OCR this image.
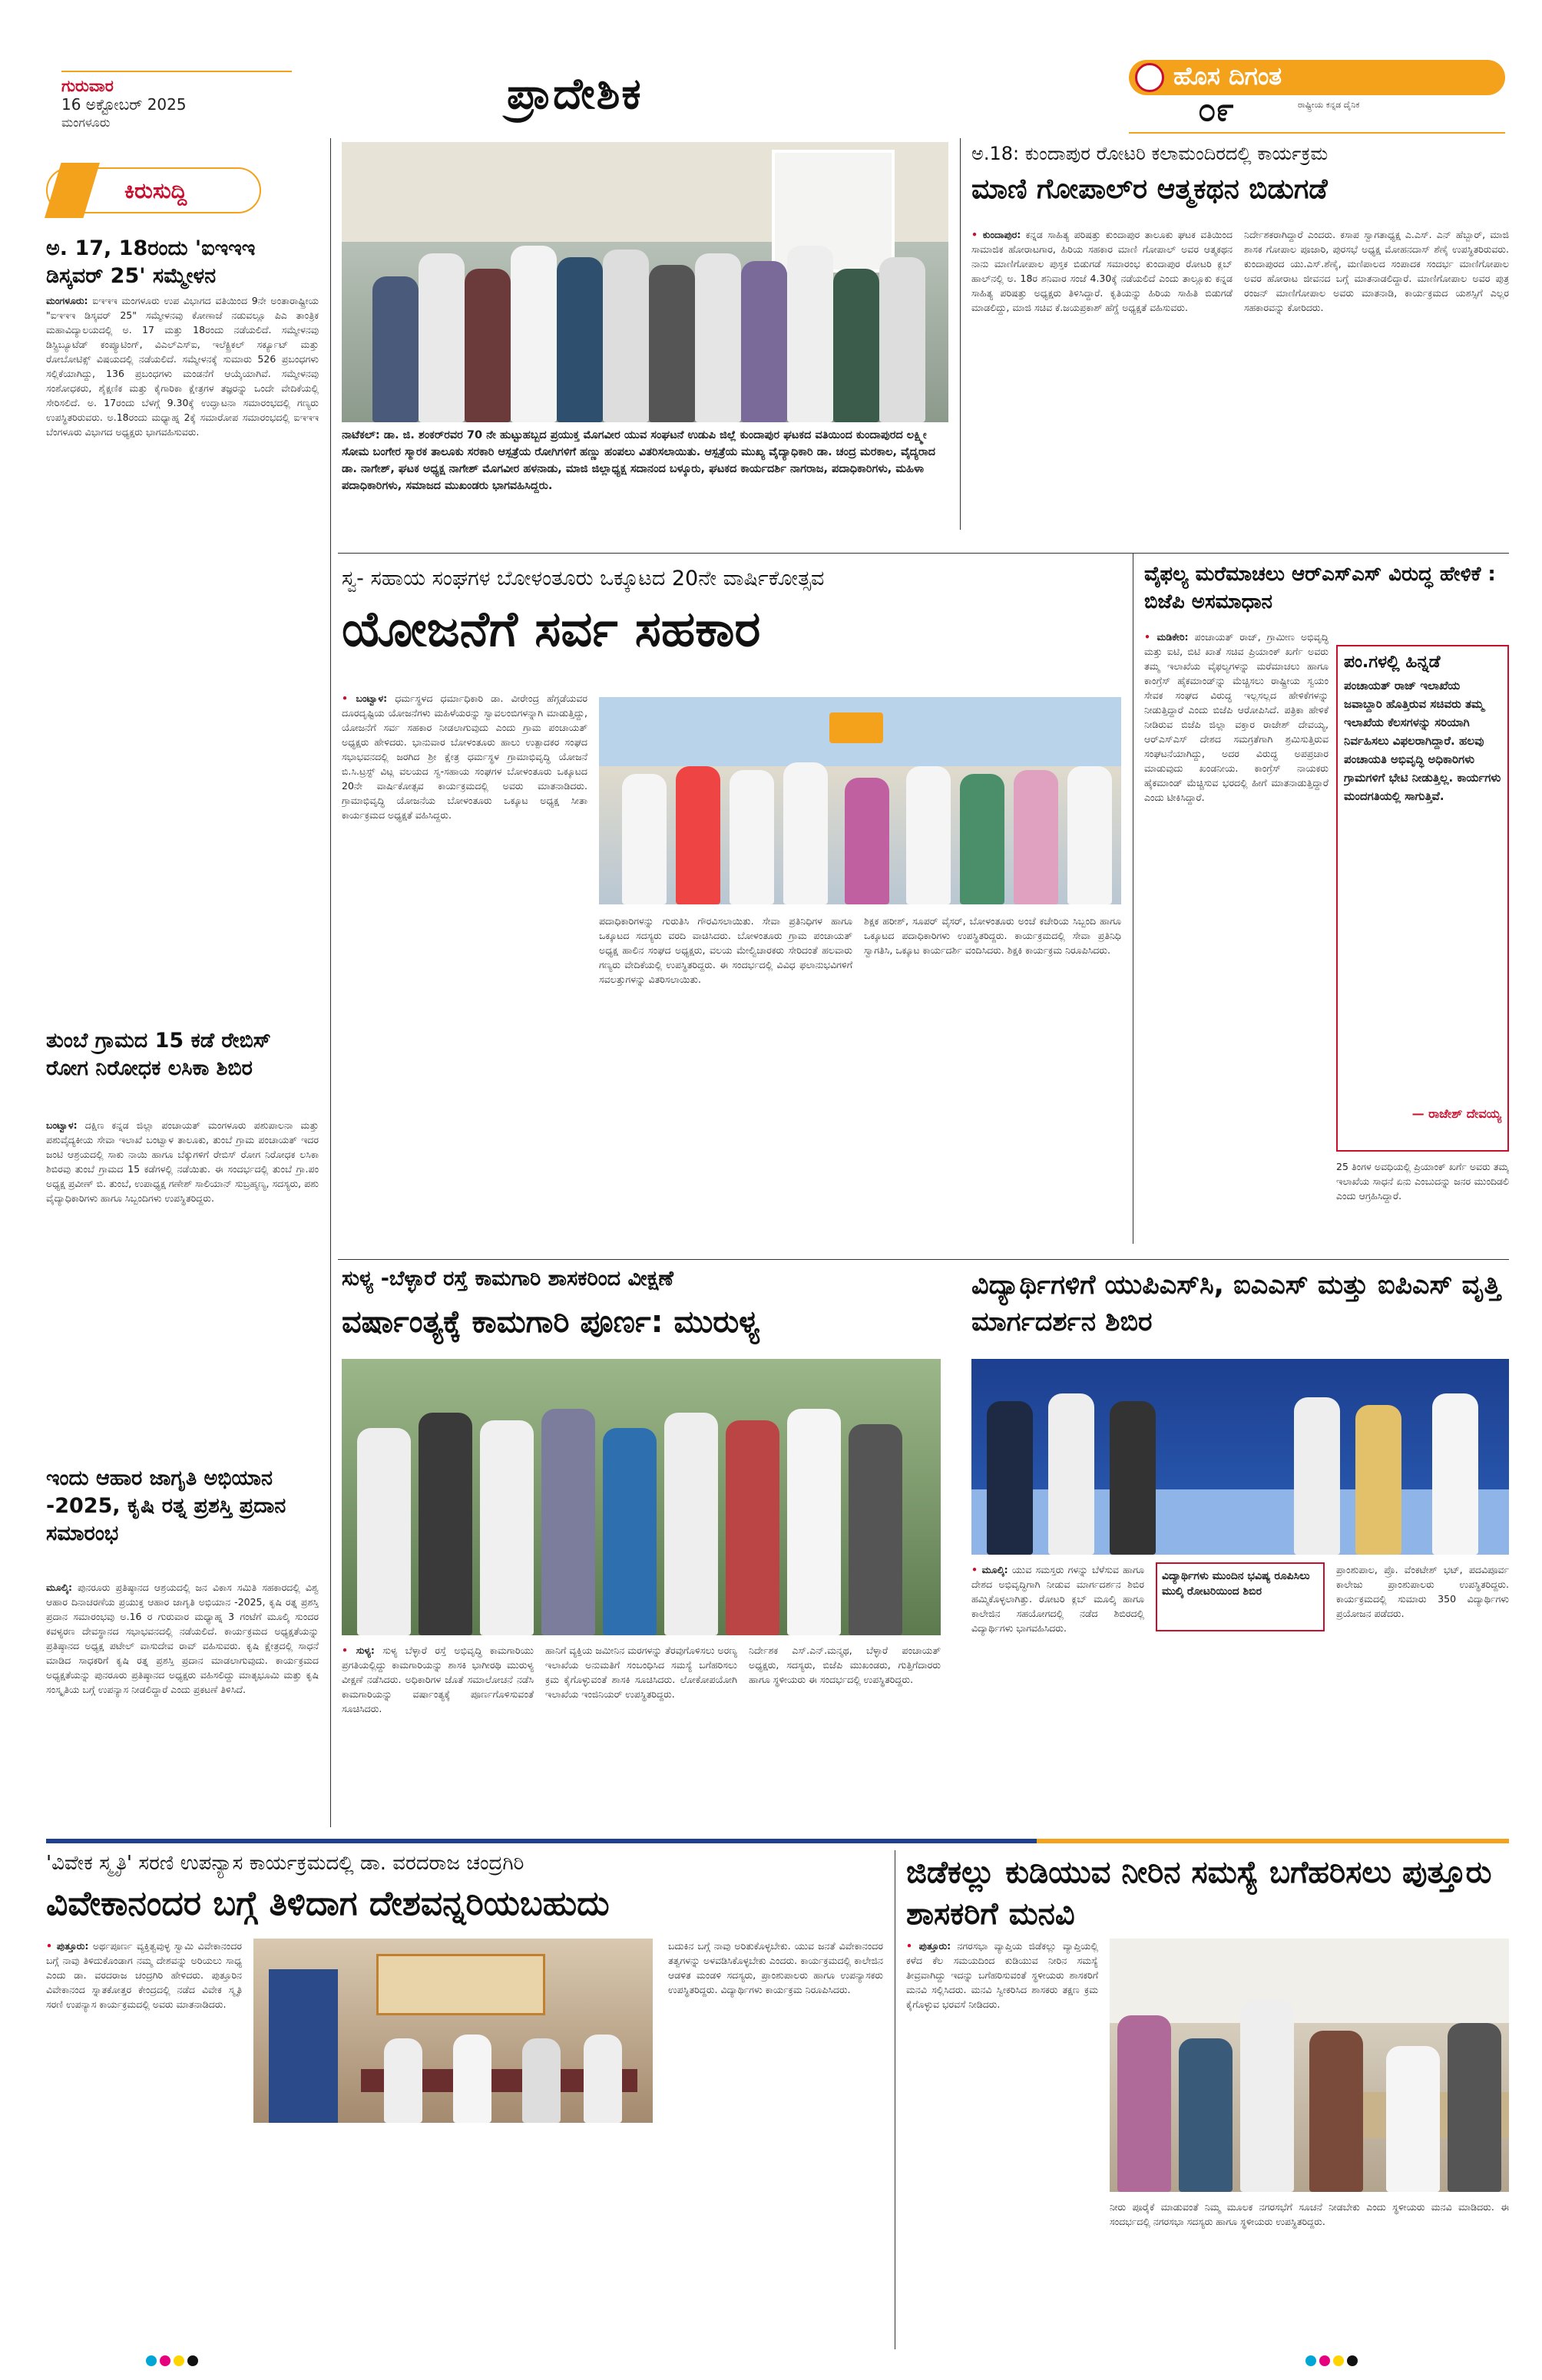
ಗುರುವಾರ
16 ಅಕ್ಟೋಬರ್ 2025
ಮಂಗಳೂರು
ಪ್ರಾದೇಶಿಕ	ಹೊಸ ದಿಗಂತ
ರಾಷ್ಟ್ರೀಯ ಕನ್ನಡ ದೈನಿಕ
೦೯
ಕಿರುಸುದ್ದಿ
ಅ. 17, 18ರಂದು 'ಐಇಇಇ ಡಿಸ್ಕವರ್ 25' ಸಮ್ಮೇಳನ
ಮಂಗಳೂರು: ಐಇಇಇ ಮಂಗಳೂರು ಉಪ ವಿಭಾಗದ ವತಿಯಿಂದ 9ನೇ ಅಂತಾರಾಷ್ಟ್ರೀಯ "ಐಇಇಇ ಡಿಸ್ಕವರ್ 25" ಸಮ್ಮೇಳನವು ಕೋಣಾಜೆ ನಡುವಲ್ಲೂ ಪಿಎ ತಾಂತ್ರಿಕ ಮಹಾವಿದ್ಯಾಲಯದಲ್ಲಿ ಅ. 17 ಮತ್ತು 18ರಂದು ನಡೆಯಲಿದೆ. ಸಮ್ಮೇಳನವು ಡಿಸ್ಟ್ರಿಬ್ಯೂಟೆಡ್ ಕಂಪ್ಯೂಟಿಂಗ್, ವಿಎಲ್ಎಸ್ಐ, ಇಲೆಕ್ಟ್ರಿಕಲ್ ಸರ್ಕ್ಯೂಟ್ ಮತ್ತು ರೋಬೋಟಿಕ್ಸ್ ವಿಷಯದಲ್ಲಿ ನಡೆಯಲಿದೆ. ಸಮ್ಮೇಳನಕ್ಕೆ ಸುಮಾರು 526 ಪ್ರಬಂಧಗಳು ಸಲ್ಲಿಕೆಯಾಗಿದ್ದು, 136 ಪ್ರಬಂಧಗಳು ಮಂಡನೆಗೆ ಆಯ್ಕೆಯಾಗಿವೆ. ಸಮ್ಮೇಳನವು ಸಂಶೋಧಕರು, ಶೈಕ್ಷಣಿಕ ಮತ್ತು ಕೈಗಾರಿಕಾ ಕ್ಷೇತ್ರಗಳ ತಜ್ಞರನ್ನು ಒಂದೇ ವೇದಿಕೆಯಲ್ಲಿ ಸೇರಿಸಲಿದೆ. ಅ. 17ರಂದು ಬೆಳಗ್ಗೆ 9.30ಕ್ಕೆ ಉದ್ಘಾಟನಾ ಸಮಾರಂಭದಲ್ಲಿ ಗಣ್ಯರು ಉಪಸ್ಥಿತರಿರುವರು. ಅ.18ರಂದು ಮಧ್ಯಾಹ್ನ 2ಕ್ಕೆ ಸಮಾರೋಪ ಸಮಾರಂಭದಲ್ಲಿ ಐಇಇಇ ಬೆಂಗಳೂರು ವಿಭಾಗದ ಅಧ್ಯಕ್ಷರು ಭಾಗವಹಿಸುವರು.
ತುಂಬೆ ಗ್ರಾಮದ 15 ಕಡೆ ರೇಬಿಸ್ ರೋಗ ನಿರೋಧಕ ಲಸಿಕಾ ಶಿಬಿರ
ಬಂಟ್ವಾಳ: ದಕ್ಷಿಣ ಕನ್ನಡ ಜಿಲ್ಲಾ ಪಂಚಾಯತ್ ಮಂಗಳೂರು ಪಶುಪಾಲನಾ ಮತ್ತು ಪಶುವೈದ್ಯಕೀಯ ಸೇವಾ ಇಲಾಖೆ ಬಂಟ್ವಾಳ ತಾಲೂಕು, ತುಂಬೆ ಗ್ರಾಮ ಪಂಚಾಯತ್ ಇದರ ಜಂಟಿ ಆಶ್ರಯದಲ್ಲಿ ಸಾಕು ನಾಯಿ ಹಾಗೂ ಬೆಕ್ಕುಗಳಿಗೆ ರೇಬಿಸ್ ರೋಗ ನಿರೋಧಕ ಲಸಿಕಾ ಶಿಬಿರವು ತುಂಬೆ ಗ್ರಾಮದ 15 ಕಡೆಗಳಲ್ಲಿ ನಡೆಯಿತು. ಈ ಸಂದರ್ಭದಲ್ಲಿ ತುಂಬೆ ಗ್ರಾ.ಪಂ ಅಧ್ಯಕ್ಷ ಪ್ರವೀಣ್ ಬಿ. ತುಂಬೆ, ಉಪಾಧ್ಯಕ್ಷ ಗಣೇಶ್ ಸಾಲಿಯಾನ್ ಸುಬ್ರಹ್ಮಣ್ಯ, ಸದಸ್ಯರು, ಪಶು ವೈದ್ಯಾಧಿಕಾರಿಗಳು ಹಾಗೂ ಸಿಬ್ಬಂದಿಗಳು ಉಪಸ್ಥಿತರಿದ್ದರು.
ಇಂದು ಆಹಾರ ಜಾಗೃತಿ ಅಭಿಯಾನ -2025, ಕೃಷಿ ರತ್ನ ಪ್ರಶಸ್ತಿ ಪ್ರದಾನ ಸಮಾರಂಭ
ಮೂಲ್ಕಿ: ಪುನರೂರು ಪ್ರತಿಷ್ಠಾನದ ಆಶ್ರಯದಲ್ಲಿ ಜನ ವಿಕಾಸ ಸಮಿತಿ ಸಹಕಾರದಲ್ಲಿ ವಿಶ್ವ ಆಹಾರ ದಿನಾಚರಣೆಯ ಪ್ರಯುಕ್ತ ಆಹಾರ ಜಾಗೃತಿ ಅಭಿಯಾನ -2025, ಕೃಷಿ ರತ್ನ ಪ್ರಶಸ್ತಿ ಪ್ರದಾನ ಸಮಾರಂಭವು ಅ.16 ರ ಗುರುವಾರ ಮಧ್ಯಾಹ್ನ 3 ಗಂಟೆಗೆ ಮೂಲ್ಕಿ ಸುಂದರ ಕವಳ್ಯರಣ ದೇವಸ್ಥಾನದ ಸಭಾಭವನದಲ್ಲಿ ನಡೆಯಲಿದೆ. ಕಾರ್ಯಕ್ರಮದ ಅಧ್ಯಕ್ಷತೆಯನ್ನು ಪ್ರತಿಷ್ಠಾನದ ಅಧ್ಯಕ್ಷ ಪಟೇಲ್ ವಾಸುದೇವ ರಾವ್ ವಹಿಸುವರು. ಕೃಷಿ ಕ್ಷೇತ್ರದಲ್ಲಿ ಸಾಧನೆ ಮಾಡಿದ ಸಾಧಕರಿಗೆ ಕೃಷಿ ರತ್ನ ಪ್ರಶಸ್ತಿ ಪ್ರದಾನ ಮಾಡಲಾಗುವುದು. ಕಾರ್ಯಕ್ರಮದ ಅಧ್ಯಕ್ಷತೆಯನ್ನು ಪುನರೂರು ಪ್ರತಿಷ್ಠಾನದ ಅಧ್ಯಕ್ಷರು ವಹಿಸಲಿದ್ದು ಮಾತೃಭೂಮಿ ಮತ್ತು ಕೃಷಿ ಸಂಸ್ಕೃತಿಯ ಬಗ್ಗೆ ಉಪನ್ಯಾಸ ನೀಡಲಿದ್ದಾರೆ ಎಂದು ಪ್ರಕಟಣೆ ತಿಳಿಸಿದೆ.
ನಾಟೆಕಲ್: ಡಾ. ಜಿ. ಶಂಕರ್‌ರವರ 70 ನೇ ಹುಟ್ಟುಹಬ್ಬದ ಪ್ರಯುಕ್ತ ಮೊಗವೀರ ಯುವ ಸಂಘಟನೆ ಉಡುಪಿ ಜಿಲ್ಲೆ ಕುಂದಾಪುರ ಘಟಕದ ವತಿಯಿಂದ ಕುಂದಾಪುರದ ಲಕ್ಷ್ಮೀ ಸೋಮ ಬಂಗೇರ ಸ್ಮಾರಕ ತಾಲೂಕು ಸರಕಾರಿ ಆಸ್ಪತ್ರೆಯ ರೋಗಿಗಳಿಗೆ ಹಣ್ಣು ಹಂಪಲು ವಿತರಿಸಲಾಯಿತು. ಆಸ್ಪತ್ರೆಯ ಮುಖ್ಯ ವೈದ್ಯಾಧಿಕಾರಿ ಡಾ. ಚಂದ್ರ ಮರಕಾಲ, ವೈದ್ಯರಾದ ಡಾ. ನಾಗೇಶ್, ಘಟಕ ಅಧ್ಯಕ್ಷ ನಾಗೇಶ್ ಮೊಗವೀರ ಹಳನಾಡು, ಮಾಜಿ ಜಿಲ್ಲಾಧ್ಯಕ್ಷ ಸದಾನಂದ ಬಳ್ಕೂರು, ಘಟಕದ ಕಾರ್ಯದರ್ಶಿ ನಾಗರಾಜ, ಪದಾಧಿಕಾರಿಗಳು, ಮಹಿಳಾ ಪದಾಧಿಕಾರಿಗಳು, ಸಮಾಜದ ಮುಖಂಡರು ಭಾಗವಹಿಸಿದ್ದರು.
ಅ.18: ಕುಂದಾಪುರ ರೋಟರಿ ಕಲಾಮಂದಿರದಲ್ಲಿ ಕಾರ್ಯಕ್ರಮ
ಮಾಣಿ ಗೋಪಾಲ್‌ರ ಆತ್ಮಕಥನ ಬಿಡುಗಡೆ
• ಕುಂದಾಪುರ: ಕನ್ನಡ ಸಾಹಿತ್ಯ ಪರಿಷತ್ತು ಕುಂದಾಪುರ ತಾಲೂಕು ಘಟಕ ವತಿಯಿಂದ ಸಾಮಾಜಿಕ ಹೋರಾಟಗಾರ, ಹಿರಿಯ ಸಹಕಾರ ಮಾಣಿ ಗೋಪಾಲ್ ಅವರ ಆತ್ಮಕಥನ ನಾನು ಮಾಣಿಗೋಪಾಲ ಪುಸ್ತಕ ಬಿಡುಗಡೆ ಸಮಾರಂಭ ಕುಂದಾಪುರ ರೋಟರಿ ಕ್ಲಬ್ ಹಾಲ್‌ನಲ್ಲಿ ಅ. 18ರ ಶನಿವಾರ ಸಂಜೆ 4.30ಕ್ಕೆ ನಡೆಯಲಿದೆ ಎಂದು ತಾಲ್ಲೂಕು ಕನ್ನಡ ಸಾಹಿತ್ಯ ಪರಿಷತ್ತು ಅಧ್ಯಕ್ಷರು ತಿಳಿಸಿದ್ದಾರೆ. ಕೃತಿಯನ್ನು ಹಿರಿಯ ಸಾಹಿತಿ ಬಿಡುಗಡೆ ಮಾಡಲಿದ್ದು, ಮಾಜಿ ಸಚಿವ ಕೆ.ಜಯಪ್ರಕಾಶ್ ಹೆಗ್ಡೆ ಅಧ್ಯಕ್ಷತೆ ವಹಿಸುವರು.
ನಿರ್ದೇಶಕರಾಗಿದ್ದಾರೆ ಎಂದರು. ಕಸಾಪ ಸ್ವಾಗತಾಧ್ಯಕ್ಷ ಎ.ಎಸ್. ಎನ್ ಹೆಬ್ಬಾರ್, ಮಾಜಿ ಶಾಸಕ ಗೋಪಾಲ ಪೂಜಾರಿ, ಪುರಸಭೆ ಅಧ್ಯಕ್ಷ ಮೋಹನದಾಸ್ ಶೆಣೈ ಉಪಸ್ಥಿತರಿರುವರು. ಕುಂದಾಪುರದ ಯು.ಎಸ್.ಶೆಣೈ, ಮಣಿಪಾಲದ ಸಂಪಾದಕ ಸಂದರ್ಭ ಮಾಣಿಗೋಪಾಲ ಅವರ ಹೋರಾಟ ಜೀವನದ ಬಗ್ಗೆ ಮಾತನಾಡಲಿದ್ದಾರೆ. ಮಾಣಿಗೋಪಾಲ ಅವರ ಪುತ್ರ ರಂಜನ್ ಮಾಣಿಗೋಪಾಲ ಅವರು ಮಾತನಾಡಿ, ಕಾರ್ಯಕ್ರಮದ ಯಶಸ್ಸಿಗೆ ಎಲ್ಲರ ಸಹಕಾರವನ್ನು ಕೋರಿದರು.
ಸ್ವ- ಸಹಾಯ ಸಂಘಗಳ ಬೋಳಂತೂರು ಒಕ್ಕೂಟದ 20ನೇ ವಾರ್ಷಿಕೋತ್ಸವ
ಯೋಜನೆಗೆ ಸರ್ವ ಸಹಕಾರ
• ಬಂಟ್ವಾಳ: ಧರ್ಮಸ್ಥಳದ ಧರ್ಮಾಧಿಕಾರಿ ಡಾ. ವೀರೇಂದ್ರ ಹೆಗ್ಗಡೆಯವರ ದೂರದೃಷ್ಟಿಯ ಯೋಜನೆಗಳು ಮಹಿಳೆಯರನ್ನು ಸ್ವಾವಲಂಬಿಗಳನ್ನಾಗಿ ಮಾಡುತ್ತಿದ್ದು, ಯೋಜನೆಗೆ ಸರ್ವ ಸಹಕಾರ ನೀಡಲಾಗುವುದು ಎಂದು ಗ್ರಾಮ ಪಂಚಾಯತ್ ಅಧ್ಯಕ್ಷರು ಹೇಳಿದರು. ಭಾನುವಾರ ಬೋಳಂತೂರು ಹಾಲು ಉತ್ಪಾದಕರ ಸಂಘದ ಸಭಾಭವನದಲ್ಲಿ ಜರಗಿದ ಶ್ರೀ ಕ್ಷೇತ್ರ ಧರ್ಮಸ್ಥಳ ಗ್ರಾಮಾಭಿವೃದ್ಧಿ ಯೋಜನೆ ಬಿ.ಸಿ.ಟ್ರಸ್ಟ್ ವಿಟ್ಲ ವಲಯದ ಸ್ವ-ಸಹಾಯ ಸಂಘಗಳ ಬೋಳಂತೂರು ಒಕ್ಕೂಟದ 20ನೇ ವಾರ್ಷಿಕೋತ್ಸವ ಕಾರ್ಯಕ್ರಮದಲ್ಲಿ ಅವರು ಮಾತನಾಡಿದರು. ಗ್ರಾಮಾಭಿವೃದ್ಧಿ ಯೋಜನೆಯ ಬೋಳಂತೂರು ಒಕ್ಕೂಟ ಅಧ್ಯಕ್ಷ ಸೀತಾ ಕಾರ್ಯಕ್ರಮದ ಅಧ್ಯಕ್ಷತೆ ವಹಿಸಿದ್ದರು.
ಪದಾಧಿಕಾರಿಗಳನ್ನು ಗುರುತಿಸಿ ಗೌರವಿಸಲಾಯಿತು. ಸೇವಾ ಪ್ರತಿನಿಧಿಗಳ ಹಾಗೂ ಒಕ್ಕೂಟದ ಸದಸ್ಯರು ವರದಿ ವಾಚಿಸಿದರು. ಬೋಳಂತೂರು ಗ್ರಾಮ ಪಂಚಾಯತ್ ಅಧ್ಯಕ್ಷ ಹಾಲಿನ ಸಂಘದ ಅಧ್ಯಕ್ಷರು, ವಲಯ ಮೇಲ್ವಿಚಾರಕರು ಸೇರಿದಂತೆ ಹಲವಾರು ಗಣ್ಯರು ವೇದಿಕೆಯಲ್ಲಿ ಉಪಸ್ಥಿತರಿದ್ದರು. ಈ ಸಂದರ್ಭದಲ್ಲಿ ವಿವಿಧ ಫಲಾನುಭವಿಗಳಿಗೆ ಸವಲತ್ತುಗಳನ್ನು ವಿತರಿಸಲಾಯಿತು.
ಶಿಕ್ಷಕ ಹರೀಶ್, ಸೂಪರ್ ವೈಸರ್, ಬೋಳಂತೂರು ಅಂಚೆ ಕಚೇರಿಯ ಸಿಬ್ಬಂದಿ ಹಾಗೂ ಒಕ್ಕೂಟದ ಪದಾಧಿಕಾರಿಗಳು ಉಪಸ್ಥಿತರಿದ್ದರು. ಕಾರ್ಯಕ್ರಮದಲ್ಲಿ ಸೇವಾ ಪ್ರತಿನಿಧಿ ಸ್ವಾಗತಿಸಿ, ಒಕ್ಕೂಟ ಕಾರ್ಯದರ್ಶಿ ವಂದಿಸಿದರು. ಶಿಕ್ಷಕಿ ಕಾರ್ಯಕ್ರಮ ನಿರೂಪಿಸಿದರು.
ವೈಫಲ್ಯ ಮರೆಮಾಚಲು ಆರ್‌ಎಸ್‌ಎಸ್ ವಿರುದ್ಧ ಹೇಳಿಕೆ : ಬಿಜೆಪಿ ಅಸಮಾಧಾನ
• ಮಡಿಕೇರಿ: ಪಂಚಾಯತ್ ರಾಜ್, ಗ್ರಾಮೀಣ ಅಭಿವೃದ್ಧಿ ಮತ್ತು ಐಟಿ, ಬಿಟಿ ಖಾತೆ ಸಚಿವ ಪ್ರಿಯಾಂಕ್ ಖರ್ಗೆ ಅವರು ತಮ್ಮ ಇಲಾಖೆಯ ವೈಫಲ್ಯಗಳನ್ನು ಮರೆಮಾಚಲು ಹಾಗೂ ಕಾಂಗ್ರೆಸ್ ಹೈಕಮಾಂಡ್‌ನ್ನು ಮೆಚ್ಚಿಸಲು ರಾಷ್ಟ್ರೀಯ ಸ್ವಯಂ ಸೇವಕ ಸಂಘದ ವಿರುದ್ಧ ಇಲ್ಲಸಲ್ಲದ ಹೇಳಿಕೆಗಳನ್ನು ನೀಡುತ್ತಿದ್ದಾರೆ ಎಂದು ಬಿಜೆಪಿ ಆರೋಪಿಸಿದೆ. ಪತ್ರಿಕಾ ಹೇಳಿಕೆ ನೀಡಿರುವ ಬಿಜೆಪಿ ಜಿಲ್ಲಾ ವಕ್ತಾರ ರಾಜೇಶ್ ದೇವಯ್ಯ, ಆರ್‌ಎಸ್‌ಎಸ್ ದೇಶದ ಸಮಗ್ರತೆಗಾಗಿ ಶ್ರಮಿಸುತ್ತಿರುವ ಸಂಘಟನೆಯಾಗಿದ್ದು, ಅದರ ವಿರುದ್ಧ ಅಪಪ್ರಚಾರ ಮಾಡುವುದು ಖಂಡನೀಯ. ಕಾಂಗ್ರೆಸ್ ನಾಯಕರು ಹೈಕಮಾಂಡ್ ಮೆಚ್ಚಿಸುವ ಭರದಲ್ಲಿ ಹೀಗೆ ಮಾತನಾಡುತ್ತಿದ್ದಾರೆ ಎಂದು ಟೀಕಿಸಿದ್ದಾರೆ.
ಪಂ.ಗಳಲ್ಲಿ ಹಿನ್ನಡೆ
ಪಂಚಾಯತ್ ರಾಜ್ ಇಲಾಖೆಯ ಜವಾಬ್ದಾರಿ ಹೊತ್ತಿರುವ ಸಚಿವರು ತಮ್ಮ ಇಲಾಖೆಯ ಕೆಲಸಗಳನ್ನು ಸರಿಯಾಗಿ ನಿರ್ವಹಿಸಲು ವಿಫಲರಾಗಿದ್ದಾರೆ. ಹಲವು ಪಂಚಾಯತಿ ಅಭಿವೃದ್ಧಿ ಅಧಿಕಾರಿಗಳು ಗ್ರಾಮಗಳಿಗೆ ಭೇಟಿ ನೀಡುತ್ತಿಲ್ಲ. ಕಾರ್ಯಗಳು ಮಂದಗತಿಯಲ್ಲಿ ಸಾಗುತ್ತಿವೆ.
— ರಾಜೇಶ್ ದೇವಯ್ಯ
25 ತಿಂಗಳ ಅವಧಿಯಲ್ಲಿ ಪ್ರಿಯಾಂಕ್ ಖರ್ಗೆ ಅವರು ತಮ್ಮ ಇಲಾಖೆಯ ಸಾಧನೆ ಏನು ಎಂಬುದನ್ನು ಜನರ ಮುಂದಿಡಲಿ ಎಂದು ಆಗ್ರಹಿಸಿದ್ದಾರೆ.
ಸುಳ್ಯ -ಬೆಳ್ಳಾರೆ ರಸ್ತೆ ಕಾಮಗಾರಿ ಶಾಸಕರಿಂದ ವೀಕ್ಷಣೆ
ವರ್ಷಾಂತ್ಯಕ್ಕೆ ಕಾಮಗಾರಿ ಪೂರ್ಣ: ಮುರುಳ್ಯ
• ಸುಳ್ಯ: ಸುಳ್ಯ ಬೆಳ್ಳಾರೆ ರಸ್ತೆ ಅಭಿವೃದ್ಧಿ ಕಾಮಗಾರಿಯು ಪ್ರಗತಿಯಲ್ಲಿದ್ದು ಕಾಮಗಾರಿಯನ್ನು ಶಾಸಕಿ ಭಾಗೀರಥಿ ಮುರುಳ್ಯ ವೀಕ್ಷಣೆ ನಡೆಸಿದರು. ಅಧಿಕಾರಿಗಳ ಜೊತೆ ಸಮಾಲೋಚನೆ ನಡೆಸಿ ಕಾಮಗಾರಿಯನ್ನು ವರ್ಷಾಂತ್ಯಕ್ಕೆ ಪೂರ್ಣಗೊಳಿಸುವಂತೆ ಸೂಚಿಸಿದರು.
ಹಾನಿಗೆ ವ್ಯಕ್ತಿಯ ಜಮೀನಿನ ಮರಗಳನ್ನು ತೆರವುಗೊಳಿಸಲು ಅರಣ್ಯ ಇಲಾಖೆಯ ಅನುಮತಿಗೆ ಸಂಬಂಧಿಸಿದ ಸಮಸ್ಯೆ ಬಗೆಹರಿಸಲು ಕ್ರಮ ಕೈಗೊಳ್ಳುವಂತೆ ಶಾಸಕಿ ಸೂಚಿಸಿದರು. ಲೋಕೋಪಯೋಗಿ ಇಲಾಖೆಯ ಇಂಜಿನಿಯರ್ ಉಪಸ್ಥಿತರಿದ್ದರು.
ನಿರ್ದೇಶಕ ಎಸ್.ಎನ್.ಮನ್ಮಥ, ಬೆಳ್ಳಾರೆ ಪಂಚಾಯತ್ ಅಧ್ಯಕ್ಷರು, ಸದಸ್ಯರು, ಬಿಜೆಪಿ ಮುಖಂಡರು, ಗುತ್ತಿಗೆದಾರರು ಹಾಗೂ ಸ್ಥಳೀಯರು ಈ ಸಂದರ್ಭದಲ್ಲಿ ಉಪಸ್ಥಿತರಿದ್ದರು.
ವಿದ್ಯಾರ್ಥಿಗಳಿಗೆ ಯುಪಿಎಸ್‌ಸಿ, ಐಎಎಸ್ ಮತ್ತು ಐಪಿಎಸ್ ವೃತ್ತಿ ಮಾರ್ಗದರ್ಶನ ಶಿಬಿರ
• ಮೂಲ್ಕಿ: ಯುವ ಸಮಸ್ತರು ಗಳನ್ನು ಬೆಳೆಸುವ ಹಾಗೂ ದೇಶದ ಅಭಿವೃದ್ಧಿಗಾಗಿ ನೀಡುವ ಮಾರ್ಗದರ್ಶನ ಶಿಬಿರ ಹಮ್ಮಿಕೊಳ್ಳಲಾಗಿತ್ತು. ರೋಟರಿ ಕ್ಲಬ್ ಮೂಲ್ಕಿ ಹಾಗೂ ಕಾಲೇಜಿನ ಸಹಯೋಗದಲ್ಲಿ ನಡೆದ ಶಿಬಿರದಲ್ಲಿ ವಿದ್ಯಾರ್ಥಿಗಳು ಭಾಗವಹಿಸಿದರು.
ವಿದ್ಯಾರ್ಥಿಗಳು ಮುಂದಿನ ಭವಿಷ್ಯ ರೂಪಿಸಿಲು ಮುಲ್ಕಿ ರೋಟರಿಯಿಂದ ಶಿಬಿರ
ಪ್ರಾಂಶುಪಾಲ, ಪ್ರೊ. ವೆಂಕಟೇಶ್ ಭಟ್, ಪದವಿಪೂರ್ವ ಕಾಲೇಜು ಪ್ರಾಂಶುಪಾಲರು ಉಪಸ್ಥಿತರಿದ್ದರು. ಕಾರ್ಯಕ್ರಮದಲ್ಲಿ ಸುಮಾರು 350 ವಿದ್ಯಾರ್ಥಿಗಳು ಪ್ರಯೋಜನ ಪಡೆದರು.
'ವಿವೇಕ ಸ್ಮೃತಿ' ಸರಣಿ ಉಪನ್ಯಾಸ ಕಾರ್ಯಕ್ರಮದಲ್ಲಿ ಡಾ. ವರದರಾಜ ಚಂದ್ರಗಿರಿ
ವಿವೇಕಾನಂದರ ಬಗ್ಗೆ ತಿಳಿದಾಗ ದೇಶವನ್ನರಿಯಬಹುದು
• ಪುತ್ತೂರು: ಅರ್ಥಪೂರ್ಣ ವ್ಯಕ್ತಿತ್ವವುಳ್ಳ ಸ್ವಾಮಿ ವಿವೇಕಾನಂದರ ಬಗ್ಗೆ ನಾವು ತಿಳಿದುಕೊಂಡಾಗ ನಮ್ಮ ದೇಶವನ್ನು ಅರಿಯಲು ಸಾಧ್ಯ ಎಂದು ಡಾ. ವರದರಾಜ ಚಂದ್ರಗಿರಿ ಹೇಳಿದರು. ಪುತ್ತೂರಿನ ವಿವೇಕಾನಂದ ಸ್ನಾತಕೋತ್ತರ ಕೇಂದ್ರದಲ್ಲಿ ನಡೆದ ವಿವೇಕ ಸ್ಮೃತಿ ಸರಣಿ ಉಪನ್ಯಾಸ ಕಾರ್ಯಕ್ರಮದಲ್ಲಿ ಅವರು ಮಾತನಾಡಿದರು.
ಬದುಕಿನ ಬಗ್ಗೆ ನಾವು ಅರಿತುಕೊಳ್ಳಬೇಕು. ಯುವ ಜನತೆ ವಿವೇಕಾನಂದರ ತತ್ವಗಳನ್ನು ಅಳವಡಿಸಿಕೊಳ್ಳಬೇಕು ಎಂದರು. ಕಾರ್ಯಕ್ರಮದಲ್ಲಿ ಕಾಲೇಜಿನ ಆಡಳಿತ ಮಂಡಳಿ ಸದಸ್ಯರು, ಪ್ರಾಂಶುಪಾಲರು ಹಾಗೂ ಉಪನ್ಯಾಸಕರು ಉಪಸ್ಥಿತರಿದ್ದರು. ವಿದ್ಯಾರ್ಥಿಗಳು ಕಾರ್ಯಕ್ರಮ ನಿರೂಪಿಸಿದರು.
ಜಿಡೆಕಲ್ಲು ಕುಡಿಯುವ ನೀರಿನ ಸಮಸ್ಯೆ ಬಗೆಹರಿಸಲು ಪುತ್ತೂರು ಶಾಸಕರಿಗೆ ಮನವಿ
• ಪುತ್ತೂರು: ನಗರಸಭಾ ವ್ಯಾಪ್ತಿಯ ಜಿಡೆಕಲ್ಲು ವ್ಯಾಪ್ತಿಯಲ್ಲಿ ಕಳೆದ ಕೆಲ ಸಮಯದಿಂದ ಕುಡಿಯುವ ನೀರಿನ ಸಮಸ್ಯೆ ತೀವ್ರವಾಗಿದ್ದು ಇದನ್ನು ಬಗೆಹರಿಸುವಂತೆ ಸ್ಥಳೀಯರು ಶಾಸಕರಿಗೆ ಮನವಿ ಸಲ್ಲಿಸಿದರು. ಮನವಿ ಸ್ವೀಕರಿಸಿದ ಶಾಸಕರು ತಕ್ಷಣ ಕ್ರಮ ಕೈಗೊಳ್ಳುವ ಭರವಸೆ ನೀಡಿದರು.
ನೀರು ಪೂರೈಕೆ ಮಾಡುವಂತೆ ನಿಮ್ಮ ಮೂಲಕ ನಗರಸಭೆಗೆ ಸೂಚನೆ ನೀಡಬೇಕು ಎಂದು ಸ್ಥಳೀಯರು ಮನವಿ ಮಾಡಿದರು. ಈ ಸಂದರ್ಭದಲ್ಲಿ ನಗರಸಭಾ ಸದಸ್ಯರು ಹಾಗೂ ಸ್ಥಳೀಯರು ಉಪಸ್ಥಿತರಿದ್ದರು.
